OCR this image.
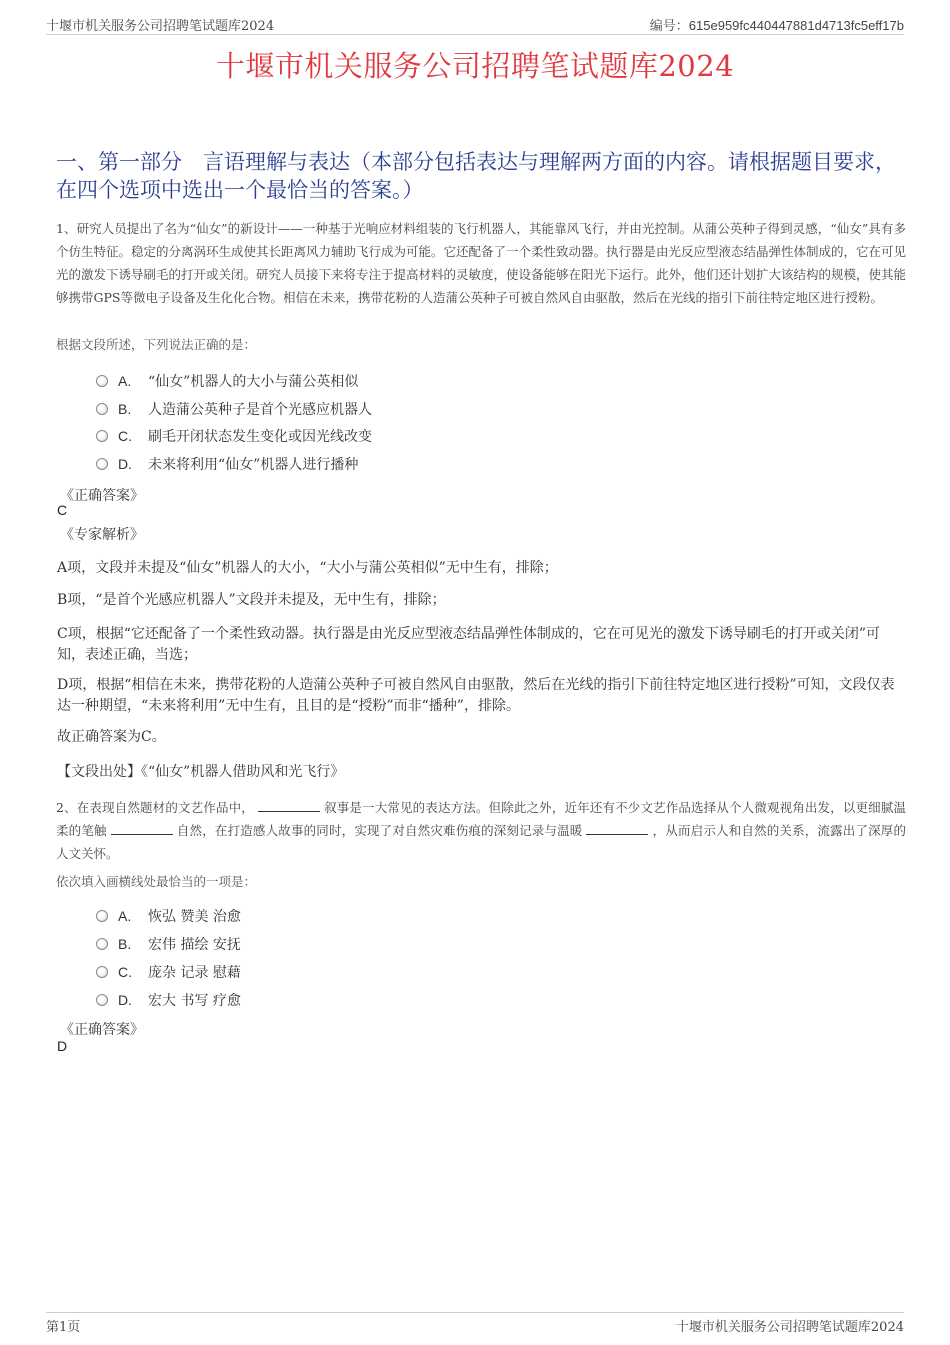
十堰市机关服务公司招聘笔试题库2024	编号：615e959fc440447881d4713fc5eff17b
十堰市机关服务公司招聘笔试题库2024
一、第一部分　言语理解与表达（本部分包括表达与理解两方面的内容。请根据题目要求，在四个选项中选出一个最恰当的答案。）
1、研究人员提出了名为“仙女”的新设计——一种基于光响应材料组装的飞行机器人，其能靠风飞行，并由光控制。从蒲公英种子得到灵感，“仙女”具有多个仿生特征。稳定的分离涡环生成使其长距离风力辅助飞行成为可能。它还配备了一个柔性致动器。执行器是由光反应型液态结晶弹性体制成的，它在可见光的激发下诱导刷毛的打开或关闭。研究人员接下来将专注于提高材料的灵敏度，使设备能够在阳光下运行。此外，他们还计划扩大该结构的规模，使其能够携带GPS等微电子设备及生化化合物。相信在未来，携带花粉的人造蒲公英种子可被自然风自由驱散，然后在光线的指引下前往特定地区进行授粉。
根据文段所述，下列说法正确的是：
A. “仙女”机器人的大小与蒲公英相似
B. 人造蒲公英种子是首个光感应机器人
C. 刷毛开闭状态发生变化或因光线改变
D. 未来将利用“仙女”机器人进行播种
《正确答案》
C
《专家解析》
A项，文段并未提及“仙女”机器人的大小，“大小与蒲公英相似”无中生有，排除；
B项，“是首个光感应机器人”文段并未提及，无中生有，排除；
C项，根据“它还配备了一个柔性致动器。执行器是由光反应型液态结晶弹性体制成的，它在可见光的激发下诱导刷毛的打开或关闭”可知，表述正确，当选；
D项，根据“相信在未来，携带花粉的人造蒲公英种子可被自然风自由驱散，然后在光线的指引下前往特定地区进行授粉”可知，文段仅表达一种期望，“未来将利用”无中生有，且目的是“授粉”而非“播种”，排除。
故正确答案为C。
【文段出处】《“仙女”机器人借助风和光飞行》
2、在表现自然题材的文艺作品中，	叙事是一大常见的表达方法。但除此之外，近年还有不少文艺作品选择从个人微观视角出发，以更细腻温柔的笔触	自然，在打造感人故事的同时，实现了对自然灾难伤痕的深刻记录与温暖	，从而启示人和自然的关系，流露出了深厚的人文关怀。
依次填入画横线处最恰当的一项是：
A. 恢弘 赞美 治愈
B. 宏伟 描绘 安抚
C. 庞杂 记录 慰藉
D. 宏大 书写 疗愈
《正确答案》
D
第1页	十堰市机关服务公司招聘笔试题库2024
